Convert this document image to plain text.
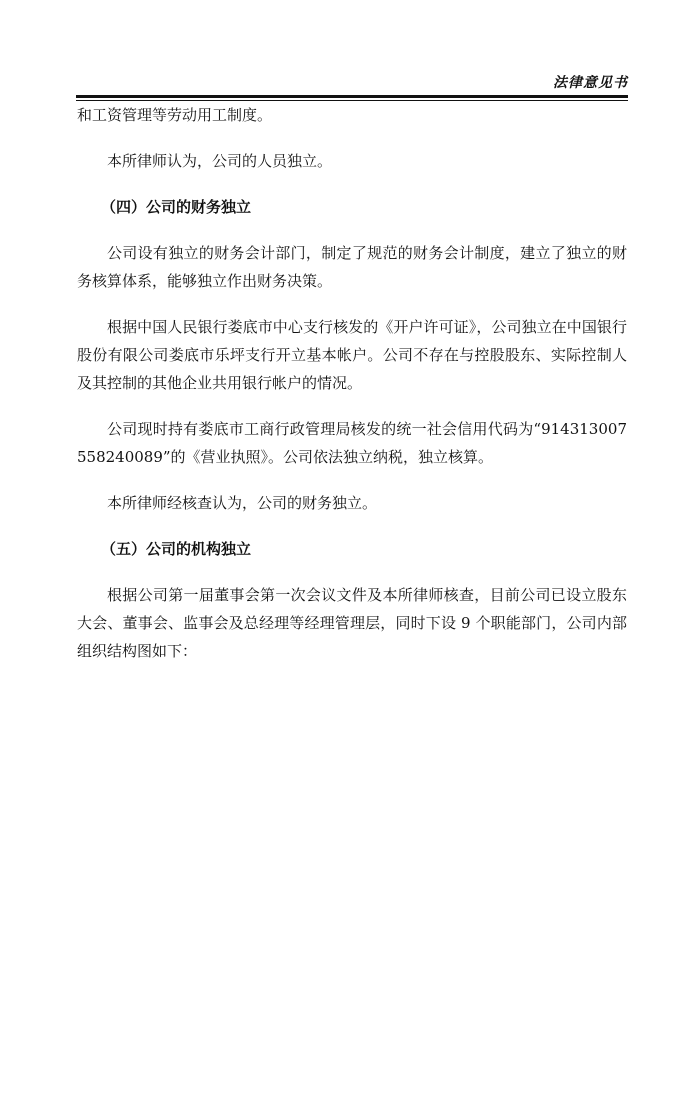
法律意见书

和工资管理等劳动用工制度。

本所律师认为，公司的人员独立。

（四）公司的财务独立

公司设有独立的财务会计部门，制定了规范的财务会计制度，建立了独立的财务核算体系，能够独立作出财务决策。

根据中国人民银行娄底市中心支行核发的《开户许可证》，公司独立在中国银行股份有限公司娄底市乐坪支行开立基本帐户。公司不存在与控股股东、实际控制人及其控制的其他企业共用银行帐户的情况。

公司现时持有娄底市工商行政管理局核发的统一社会信用代码为“914313007558240089”的《营业执照》。公司依法独立纳税，独立核算。

本所律师经核查认为，公司的财务独立。

（五）公司的机构独立

根据公司第一届董事会第一次会议文件及本所律师核查，目前公司已设立股东大会、董事会、监事会及总经理等经理管理层，同时下设 9 个职能部门，公司内部组织结构图如下：
